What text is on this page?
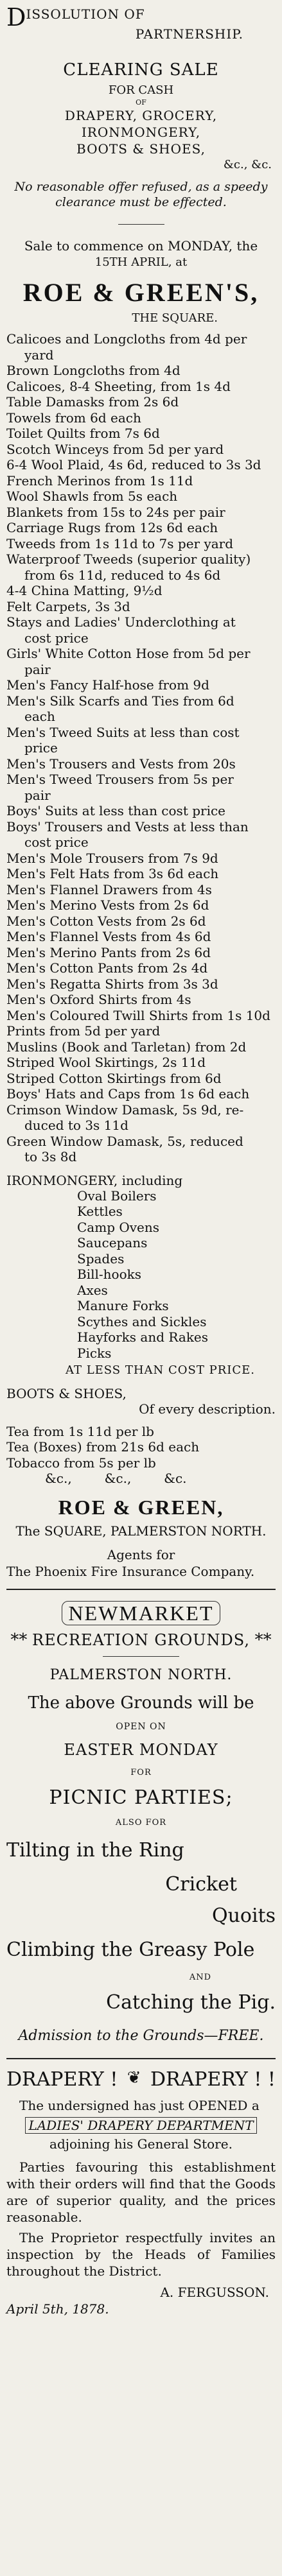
DISSOLUTION OF
PARTNERSHIP.
CLEARING SALE
FOR CASH
OF
DRAPERY, GROCERY,
IRONMONGERY,
BOOTS & SHOES,
&c., &c.
No reasonable offer refused, as a speedy clearance must be effected.
Sale to commence on MONDAY, the
15TH APRIL, at
ROE & GREEN'S,
THE SQUARE.
Calicoes and Longcloths from 4d per
yard
Brown Longcloths from 4d
Calicoes, 8-4 Sheeting, from 1s 4d
Table Damasks from 2s 6d
Towels from 6d each
Toilet Quilts from 7s 6d
Scotch Winceys from 5d per yard
6-4 Wool Plaid, 4s 6d, reduced to 3s 3d
French Merinos from 1s 11d
Wool Shawls from 5s each
Blankets from 15s to 24s per pair
Carriage Rugs from 12s 6d each
Tweeds from 1s 11d to 7s per yard
Waterproof Tweeds (superior quality)
from 6s 11d, reduced to 4s 6d
4-4 China Matting, 9½d
Felt Carpets, 3s 3d
Stays and Ladies' Underclothing at
cost price
Girls' White Cotton Hose from 5d per
pair
Men's Fancy Half-hose from 9d
Men's Silk Scarfs and Ties from 6d
each
Men's Tweed Suits at less than cost
price
Men's Trousers and Vests from 20s
Men's Tweed Trousers from 5s per
pair
Boys' Suits at less than cost price
Boys' Trousers and Vests at less than
cost price
Men's Mole Trousers from 7s 9d
Men's Felt Hats from 3s 6d each
Men's Flannel Drawers from 4s
Men's Merino Vests from 2s 6d
Men's Cotton Vests from 2s 6d
Men's Flannel Vests from 4s 6d
Men's Merino Pants from 2s 6d
Men's Cotton Pants from 2s 4d
Men's Regatta Shirts from 3s 3d
Men's Oxford Shirts from 4s
Men's Coloured Twill Shirts from 1s 10d
Prints from 5d per yard
Muslins (Book and Tarletan) from 2d
Striped Wool Skirtings, 2s 11d
Striped Cotton Skirtings from 6d
Boys' Hats and Caps from 1s 6d each
Crimson Window Damask, 5s 9d, re-
duced to 3s 11d
Green Window Damask, 5s, reduced
to 3s 8d
IRONMONGERY, including
Oval Boilers
Kettles
Camp Ovens
Saucepans
Spades
Bill-hooks
Axes
Manure Forks
Scythes and Sickles
Hayforks and Rakes
Picks
AT LESS THAN COST PRICE.
BOOTS & SHOES,
Of every description.
Tea from 1s 11d per lb
Tea (Boxes) from 21s 6d each
Tobacco from 5s per lb
&c.,        &c.,        &c.
ROE & GREEN,
The SQUARE, PALMERSTON NORTH.
Agents for
The Phoenix Fire Insurance Company.
NEWMARKET
** RECREATION GROUNDS, **
PALMERSTON NORTH.
The above Grounds will be
OPEN ON
EASTER MONDAY
FOR
PICNIC PARTIES;
ALSO FOR
Tilting in the Ring
Cricket
Quoits
Climbing the Greasy Pole
AND
Catching the Pig.
Admission to the Grounds—FREE.
DRAPERY ! ❦ DRAPERY ! !
The undersigned has just OPENED a
LADIES' DRAPERY DEPARTMENT
adjoining his General Store.
Parties favouring this establishment with their orders will find that the Goods are of superior quality, and the prices reasonable.
The Proprietor respectfully invites an inspection by the Heads of Families throughout the District.
A. FERGUSSON.
April 5th, 1878.
